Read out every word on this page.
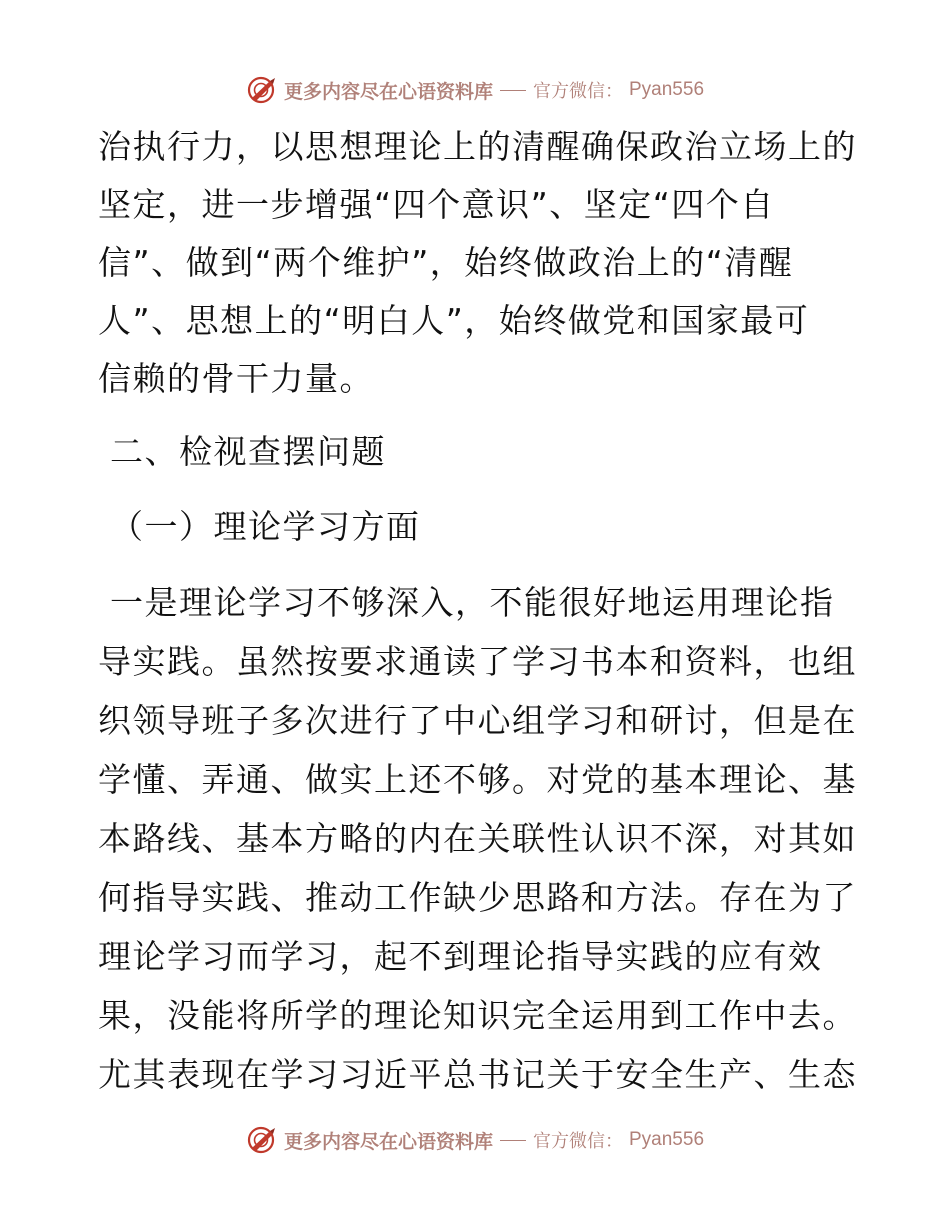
更多内容尽在心语资料库 官方微信： Pyan556
治执行力，以思想理论上的清醒确保政治立场上的
坚定，进一步增强“四个意识”、坚定“四个自
信”、做到“两个维护”，始终做政治上的“清醒
人”、思想上的“明白人”，始终做党和国家最可
信赖的骨干力量。
二、检视查摆问题
（一）理论学习方面
一是理论学习不够深入，不能很好地运用理论指
导实践。虽然按要求通读了学习书本和资料，也组
织领导班子多次进行了中心组学习和研讨，但是在
学懂、弄通、做实上还不够。对党的基本理论、基
本路线、基本方略的内在关联性认识不深，对其如
何指导实践、推动工作缺少思路和方法。存在为了
理论学习而学习，起不到理论指导实践的应有效
果，没能将所学的理论知识完全运用到工作中去。
尤其表现在学习习近平总书记关于安全生产、生态
更多内容尽在心语资料库 官方微信： Pyan556
